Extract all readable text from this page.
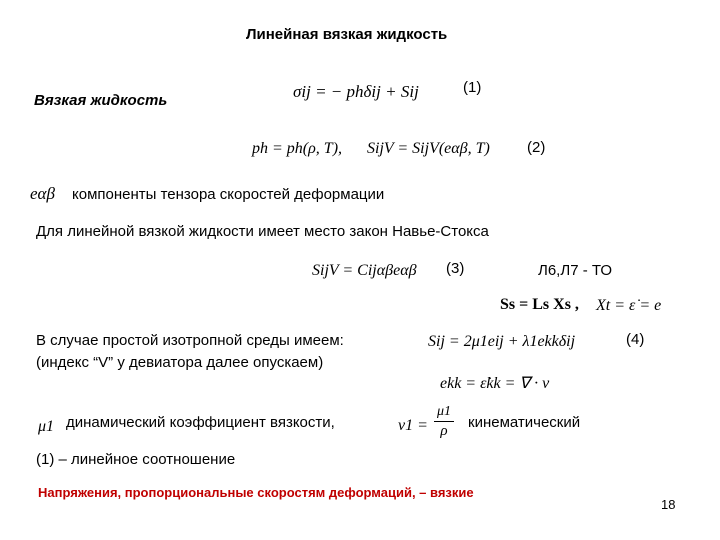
Линейная вязкая жидкость
Вязкая жидкость	σij = − phδij + Sij	(1)
ph = ph(ρ, T), SijV = SijV(eαβ, T) (2)
eαβ компоненты тензора скоростей деформации
Для линейной вязкой жидкости имеет место закон Навье-Стокса
SijV = Cijαβeαβ (3)	Л6,Л7 - ТО
Ss = Ls Xs , Xt = ε̇ = e
В случае простой изотропной среды имеем:
(индекс “V” у девиатора далее опускаем)
Sij = 2μ1eij + λ1ekkδij	(4)
ekk = ε̇kk = ∇ · v
μ1 динамический коэффициент вязкости,	ν1 =
μ1
ρ	кинематический
(1) – линейное соотношение
Напряжения, пропорциональные скоростям деформаций, – вязкие
18
